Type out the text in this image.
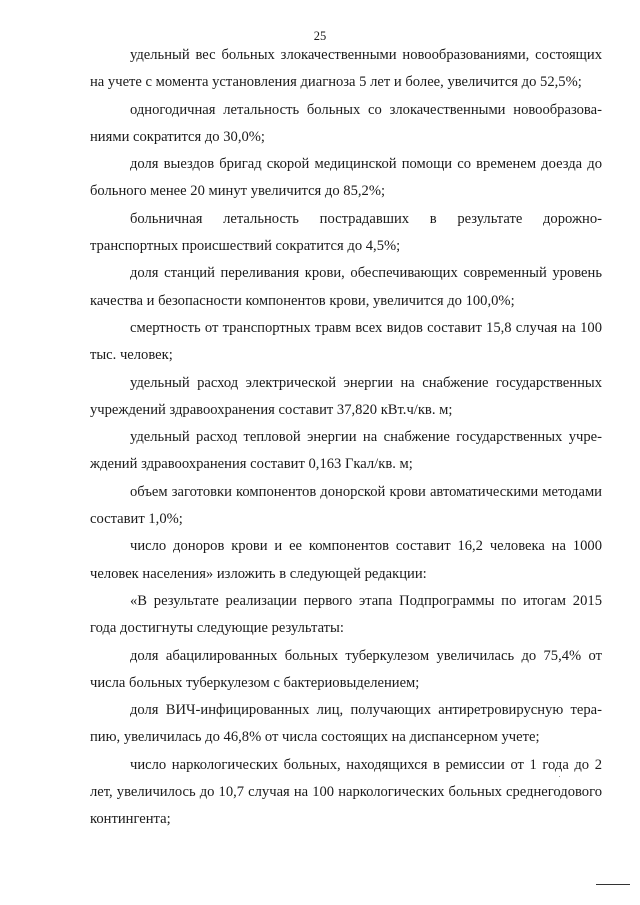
25

удельный вес больных злокачественными новообразованиями, состоящих на учете с момента установления диагноза 5 лет и более, увеличится до 52,5%;

одногодичная летальность больных со злокачественными новообразованиями сократится до 30,0%;

доля выездов бригад скорой медицинской помощи со временем доезда до больного менее 20 минут увеличится до 85,2%;

больничная летальность пострадавших в результате дорожно-транспортных происшествий сократится до 4,5%;

доля станций переливания крови, обеспечивающих современный уровень качества и безопасности компонентов крови, увеличится до 100,0%;

смертность от транспортных травм всех видов составит 15,8 случая на 100 тыс. человек;

удельный расход электрической энергии на снабжение государственных учреждений здравоохранения составит 37,820 кВт.ч/кв. м;

удельный расход тепловой энергии на снабжение государственных учреждений здравоохранения составит 0,163 Гкал/кв. м;

объем заготовки компонентов донорской крови автоматическими методами составит 1,0%;

число доноров крови и ее компонентов составит 16,2 человека на 1000 человек населения» изложить в следующей редакции:

«В результате реализации первого этапа Подпрограммы по итогам 2015 года достигнуты следующие результаты:

доля абацилированных больных туберкулезом увеличилась до 75,4% от числа больных туберкулезом с бактериовыделением;

доля ВИЧ-инфицированных лиц, получающих антиретровирусную терапию, увеличилась до 46,8% от числа состоящих на диспансерном учете;

число наркологических больных, находящихся в ремиссии от 1 года до 2 лет, увеличилось до 10,7 случая на 100 наркологических больных среднегодового контингента;
